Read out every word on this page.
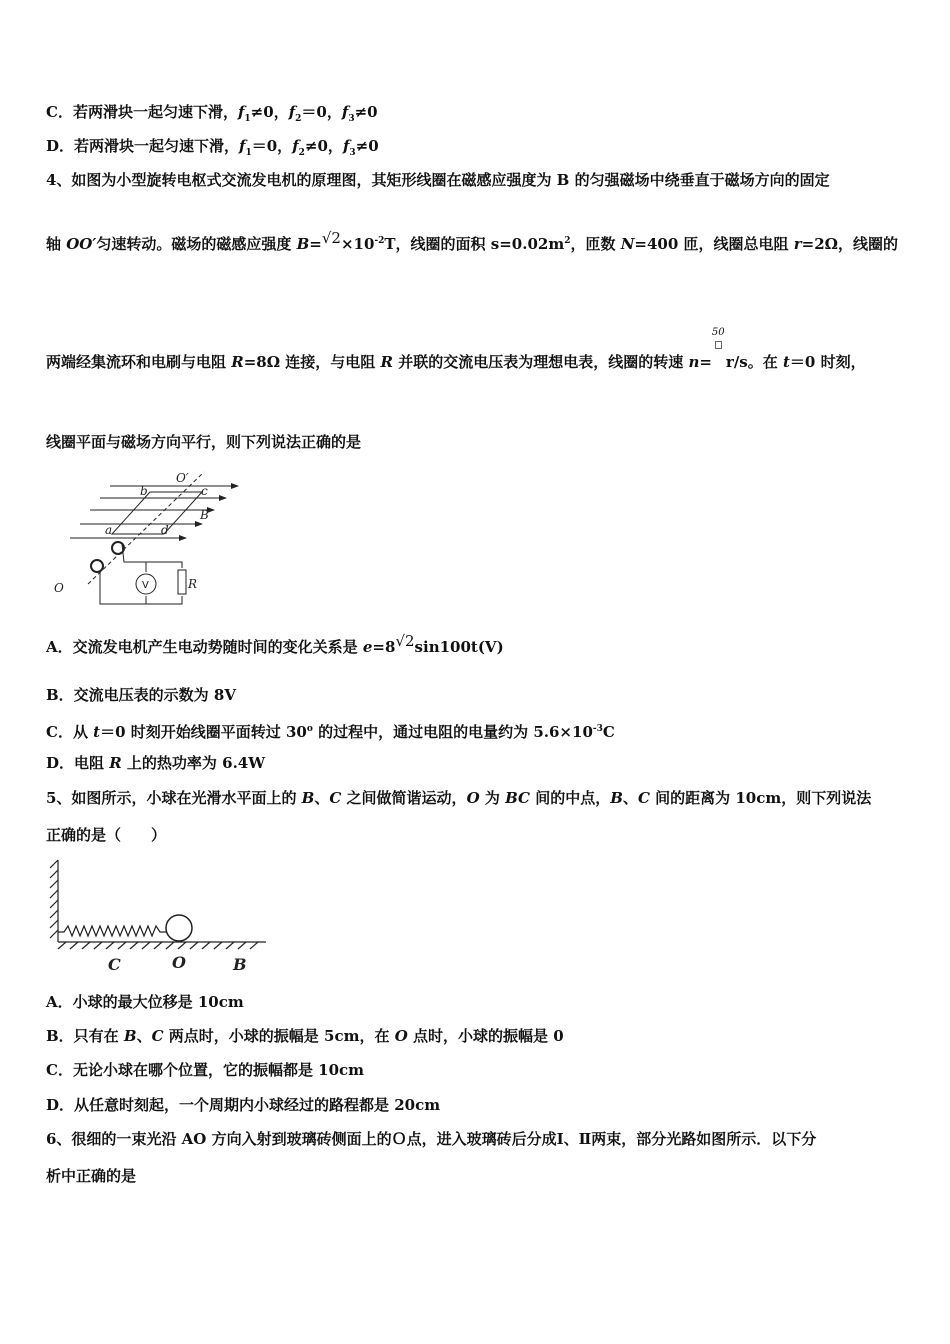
C．若两滑块一起匀速下滑，$f_1\ne 0$，$f_2=0$，$f_3\ne 0$
D．若两滑块一起匀速下滑，$f_1=0$，$f_2\ne 0$，$f_3\ne 0$
4、如图为小型旋转电枢式交流发电机的原理图，其矩形线圈在磁感应强度为 B 的匀强磁场中绕垂直于磁场方向的固定
轴 OO′匀速转动。磁场的磁感应强度 $B=^{√2}\times 10^{-2}T$，线圈的面积 $s=0.02m^2$，匝数 N=400 匝，线圈总电阻 r=2Ω，线圈的
两端经集流环和电刷与电阻 R=8Ω 连接，与电阻 R 并联的交流电压表为理想电表，线圈的转速 n=
50
r/s。在 t＝0 时刻，
线圈平面与磁场方向平行，则下列说法正确的是
O′
b	c
B
a	d
O	R
V
A．交流发电机产生电动势随时间的变化关系是 $e=8^{√2}\sin 100t(V)$
B．交流电压表的示数为 8V
C．从 t＝0 时刻开始线圈平面转过 30$^o$ 的过程中，通过电阻的电量约为 $5.6\times 10^{-3}C$
D．电阻 R 上的热功率为 6.4W
5、如图所示，小球在光滑水平面上的 B、C 之间做简谐运动，O 为 BC 间的中点，B、C 间的距离为 10cm，则下列说法
正确的是（　　）
C	O	B
A．小球的最大位移是 10cm
B．只有在 B、C 两点时，小球的振幅是 5cm，在 O 点时，小球的振幅是 0
C．无论小球在哪个位置，它的振幅都是 10cm
D．从任意时刻起，一个周期内小球经过的路程都是 20cm
6、很细的一束光沿 AO 方向入射到玻璃砖侧面上的Ｏ点，进入玻璃砖后分成Ⅰ、Ⅱ两束，部分光路如图所示．以下分
析中正确的是
